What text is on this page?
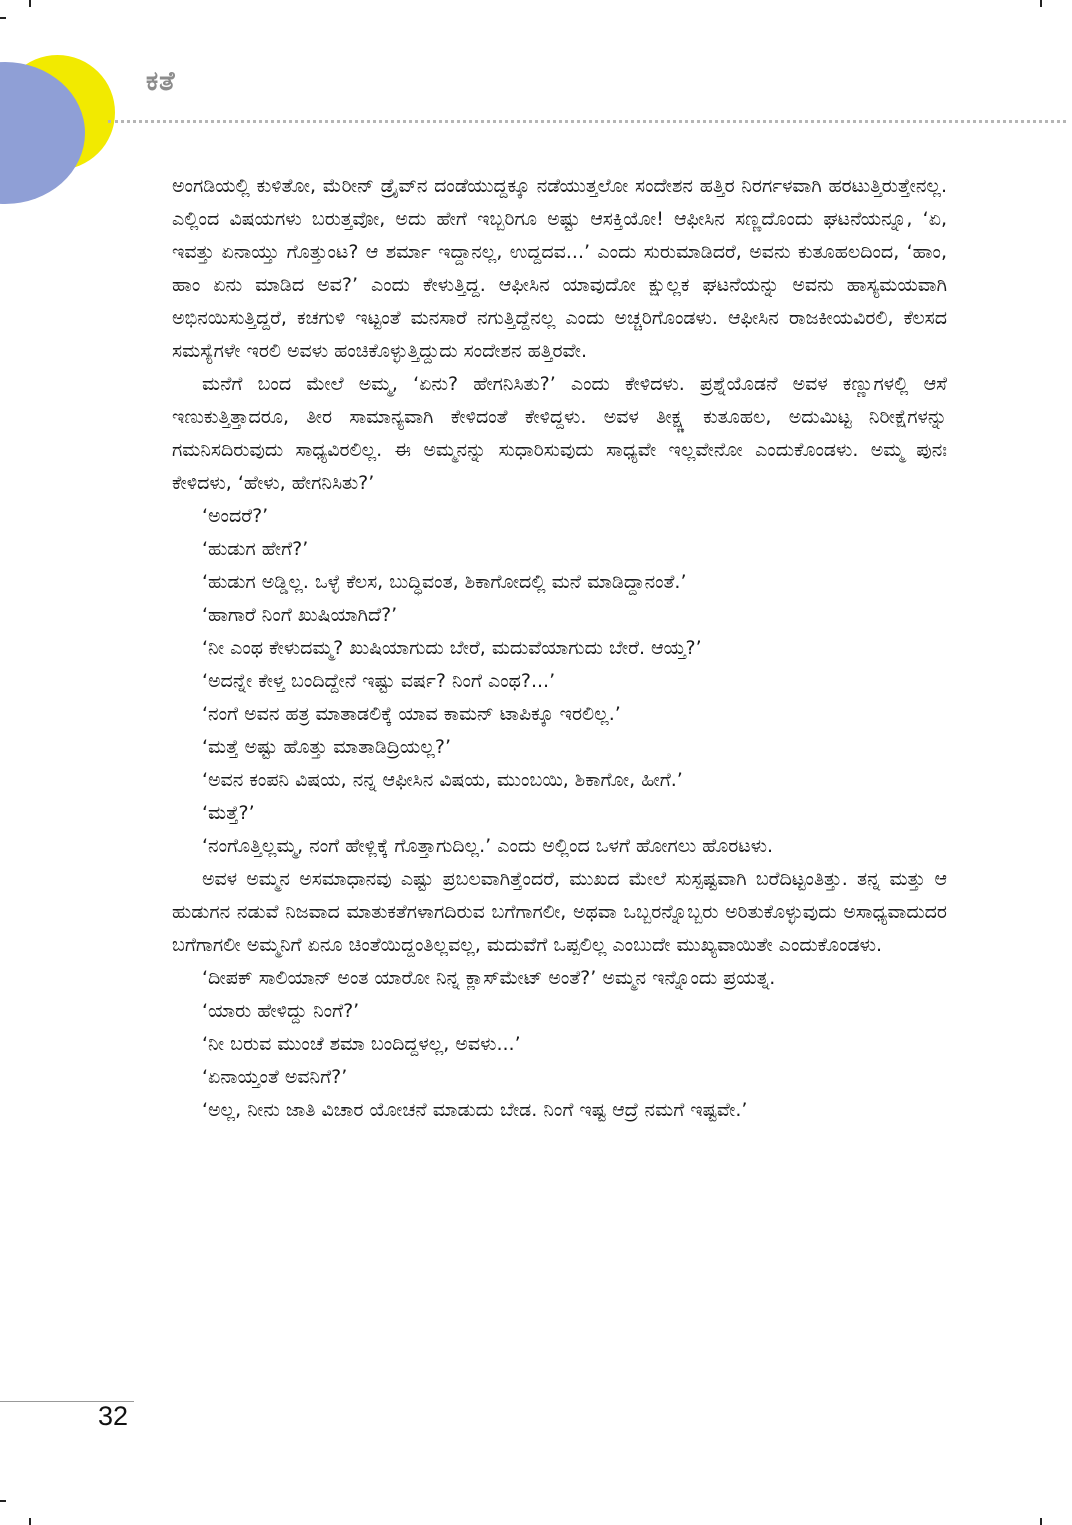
ಕತೆ

ಅಂಗಡಿಯಲ್ಲಿ ಕುಳಿತೋ, ಮೆರೀನ್ ಡ್ರೈವ್‌ನ ದಂಡೆಯುದ್ದಕ್ಕೂ ನಡೆಯುತ್ತಲೋ ಸಂದೇಶನ ಹತ್ತಿರ ನಿರರ್ಗಳವಾಗಿ ಹರಟುತ್ತಿರುತ್ತೇನಲ್ಲ. ಎಲ್ಲಿಂದ ವಿಷಯಗಳು ಬರುತ್ತವೋ, ಅದು ಹೇಗೆ ಇಬ್ಬರಿಗೂ ಅಷ್ಟು ಆಸಕ್ತಿಯೋ! ಆಫೀಸಿನ ಸಣ್ಣದೊಂದು ಘಟನೆಯನ್ನೂ, ‘ಏ, ಇವತ್ತು ಏನಾಯ್ತು ಗೊತ್ತುಂಟ? ಆ ಶರ್ಮಾ ಇದ್ದಾನಲ್ಲ, ಉದ್ದದವ...’ ಎಂದು ಸುರುಮಾಡಿದರೆ, ಅವನು ಕುತೂಹಲದಿಂದ, ‘ಹಾಂ, ಹಾಂ ಏನು ಮಾಡಿದ ಅವ?’ ಎಂದು ಕೇಳುತ್ತಿದ್ದ. ಆಫೀಸಿನ ಯಾವುದೋ ಕ್ಷುಲ್ಲಕ ಘಟನೆಯನ್ನು ಅವನು ಹಾಸ್ಯಮಯವಾಗಿ ಅಭಿನಯಿಸುತ್ತಿದ್ದರೆ, ಕಚಗುಳಿ ಇಟ್ಟಂತೆ ಮನಸಾರೆ ನಗುತ್ತಿದ್ದೆನಲ್ಲ ಎಂದು ಅಚ್ಚರಿಗೊಂಡಳು. ಆಫೀಸಿನ ರಾಜಕೀಯವಿರಲಿ, ಕೆಲಸದ ಸಮಸ್ಯೆಗಳೇ ಇರಲಿ ಅವಳು ಹಂಚಿಕೊಳ್ಳುತ್ತಿದ್ದುದು ಸಂದೇಶನ ಹತ್ತಿರವೇ.

ಮನೆಗೆ ಬಂದ ಮೇಲೆ ಅಮ್ಮ, ‘ಏನು? ಹೇಗನಿಸಿತು?’ ಎಂದು ಕೇಳಿದಳು. ಪ್ರಶ್ನೆಯೊಡನೆ ಅವಳ ಕಣ್ಣುಗಳಲ್ಲಿ ಆಸೆ ಇಣುಕುತ್ತಿತ್ತಾದರೂ, ತೀರ ಸಾಮಾನ್ಯವಾಗಿ ಕೇಳಿದಂತೆ ಕೇಳಿದ್ದಳು. ಅವಳ ತೀಕ್ಷ್ಣ ಕುತೂಹಲ, ಅದುಮಿಟ್ಟ ನಿರೀಕ್ಷೆಗಳನ್ನು ಗಮನಿಸದಿರುವುದು ಸಾಧ್ಯವಿರಲಿಲ್ಲ. ಈ ಅಮ್ಮನನ್ನು ಸುಧಾರಿಸುವುದು ಸಾಧ್ಯವೇ ಇಲ್ಲವೇನೋ ಎಂದುಕೊಂಡಳು. ಅಮ್ಮ ಪುನಃ ಕೇಳಿದಳು, ‘ಹೇಳು, ಹೇಗನಿಸಿತು?’

‘ಅಂದರೆ?’

‘ಹುಡುಗ ಹೇಗೆ?’

‘ಹುಡುಗ ಅಡ್ಡಿಲ್ಲ. ಒಳ್ಳೆ ಕೆಲಸ, ಬುದ್ಧಿವಂತ, ಶಿಕಾಗೋದಲ್ಲಿ ಮನೆ ಮಾಡಿದ್ದಾನಂತೆ.’

‘ಹಾಗಾರೆ ನಿಂಗೆ ಖುಷಿಯಾಗಿದೆ?’

‘ನೀ ಎಂಥ ಕೇಳುದಮ್ಮ? ಖುಷಿಯಾಗುದು ಬೇರೆ, ಮದುವೆಯಾಗುದು ಬೇರೆ. ಆಯ್ತ?’

‘ಅದನ್ನೇ ಕೇಳ್ತ ಬಂದಿದ್ದೇನೆ ಇಷ್ಟು ವರ್ಷ? ನಿಂಗೆ ಎಂಥ?...’

‘ನಂಗೆ ಅವನ ಹತ್ರ ಮಾತಾಡಲಿಕ್ಕೆ ಯಾವ ಕಾಮನ್ ಟಾಪಿಕ್ಕೂ ಇರಲಿಲ್ಲ.’

‘ಮತ್ತೆ ಅಷ್ಟು ಹೊತ್ತು ಮಾತಾಡಿದ್ರಿಯಲ್ಲ?’

‘ಅವನ ಕಂಪನಿ ವಿಷಯ, ನನ್ನ ಆಫೀಸಿನ ವಿಷಯ, ಮುಂಬಯಿ, ಶಿಕಾಗೋ, ಹೀಗೆ.’

‘ಮತ್ತೆ?’

‘ನಂಗೊತ್ತಿಲ್ಲಮ್ಮ, ನಂಗೆ ಹೇಳ್ಲಿಕ್ಕೆ ಗೊತ್ತಾಗುದಿಲ್ಲ.’ ಎಂದು ಅಲ್ಲಿಂದ ಒಳಗೆ ಹೋಗಲು ಹೊರಟಳು.

ಅವಳ ಅಮ್ಮನ ಅಸಮಾಧಾನವು ಎಷ್ಟು ಪ್ರಬಲವಾಗಿತ್ತೆಂದರೆ, ಮುಖದ ಮೇಲೆ ಸುಸ್ಪಷ್ಟವಾಗಿ ಬರೆದಿಟ್ಟಂತಿತ್ತು. ತನ್ನ ಮತ್ತು ಆ ಹುಡುಗನ ನಡುವೆ ನಿಜವಾದ ಮಾತುಕತೆಗಳಾಗದಿರುವ ಬಗೆಗಾಗಲೀ, ಅಥವಾ ಒಬ್ಬರನ್ನೊಬ್ಬರು ಅರಿತುಕೊಳ್ಳುವುದು ಅಸಾಧ್ಯವಾದುದರ ಬಗೆಗಾಗಲೀ ಅಮ್ಮನಿಗೆ ಏನೂ ಚಿಂತೆಯಿದ್ದಂತಿಲ್ಲವಲ್ಲ, ಮದುವೆಗೆ ಒಪ್ಪಲಿಲ್ಲ ಎಂಬುದೇ ಮುಖ್ಯವಾಯಿತೇ ಎಂದುಕೊಂಡಳು.

‘ದೀಪಕ್ ಸಾಲಿಯಾನ್ ಅಂತ ಯಾರೋ ನಿನ್ನ ಕ್ಲಾಸ್‌ಮೇಟ್ ಅಂತೆ?’ ಅಮ್ಮನ ಇನ್ನೊಂದು ಪ್ರಯತ್ನ.

‘ಯಾರು ಹೇಳಿದ್ದು ನಿಂಗೆ?’

‘ನೀ ಬರುವ ಮುಂಚೆ ಶಮಾ ಬಂದಿದ್ದಳಲ್ಲ, ಅವಳು...’

‘ಏನಾಯ್ತಂತೆ ಅವನಿಗೆ?’

‘ಅಲ್ಲ, ನೀನು ಜಾತಿ ವಿಚಾರ ಯೋಚನೆ ಮಾಡುದು ಬೇಡ. ನಿಂಗೆ ಇಷ್ಟ ಆದ್ರೆ ನಮಗೆ ಇಷ್ಟವೇ.’

32
